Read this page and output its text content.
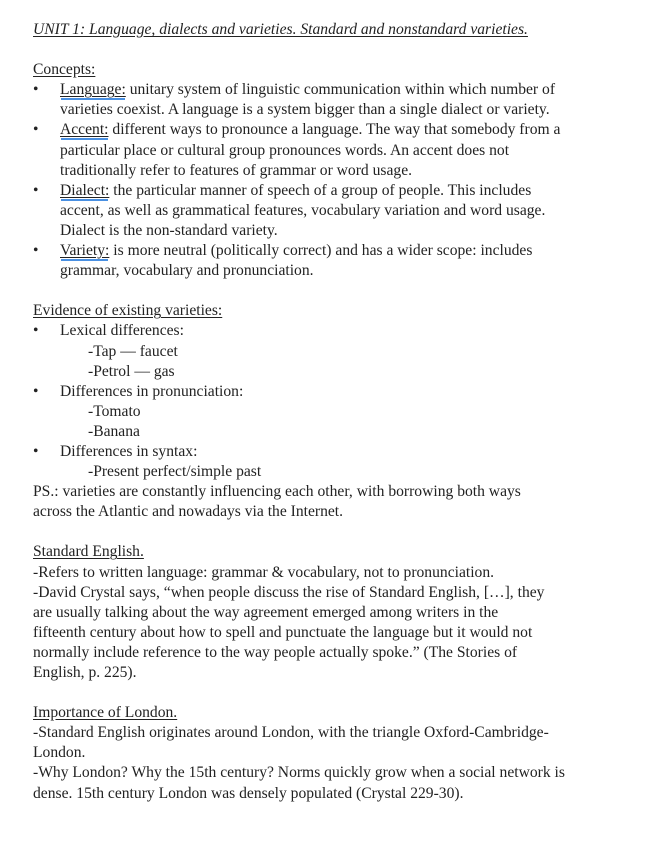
UNIT 1: Language, dialects and varieties. Standard and nonstandard varieties.
Concepts:
• Language: unitary system of linguistic communication within which number of
varieties coexist. A language is a system bigger than a single dialect or variety.
• Accent: different ways to pronounce a language. The way that somebody from a
particular place or cultural group pronounces words. An accent does not
traditionally refer to features of grammar or word usage.
• Dialect: the particular manner of speech of a group of people. This includes
accent, as well as grammatical features, vocabulary variation and word usage.
Dialect is the non-standard variety.
• Variety: is more neutral (politically correct) and has a wider scope: includes
grammar, vocabulary and pronunciation.
Evidence of existing varieties:
• Lexical differences:
-Tap — faucet
-Petrol — gas
• Differences in pronunciation:
-Tomato
-Banana
• Differences in syntax:
-Present perfect/simple past
PS.: varieties are constantly influencing each other, with borrowing both ways
across the Atlantic and nowadays via the Internet.
Standard English.
-Refers to written language: grammar & vocabulary, not to pronunciation.
-David Crystal says, “when people discuss the rise of Standard English, […], they
are usually talking about the way agreement emerged among writers in the
fifteenth century about how to spell and punctuate the language but it would not
normally include reference to the way people actually spoke.” (The Stories of
English, p. 225).
Importance of London.
-Standard English originates around London, with the triangle Oxford-Cambridge-
London.
-Why London? Why the 15th century? Norms quickly grow when a social network is
dense. 15th century London was densely populated (Crystal 229-30).
